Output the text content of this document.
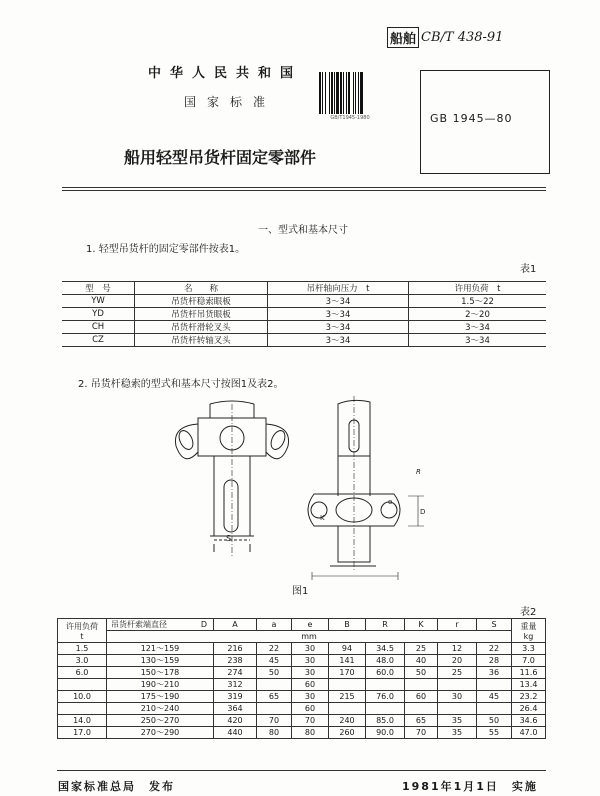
船舶 CB/T 438-91
中华人民共和国
国家标准
GB/T1945-1980	GB 1945—80
船用轻型吊货杆固定零部件
一、型式和基本尺寸
1. 轻型吊货杆的固定零部件按表1。
表1
型　号	名　　称	吊杆轴向压力　t	许用负荷　t
YW	吊货杆稳索眼板	3～34	1.5～22
YD	吊货杆吊货眼板	3～34	2～20
CH	吊货杆滑轮叉头	3～34	3～34
CZ	吊货杆转轴叉头	3～34	3～34
2. 吊货杆稳索的型式和基本尺寸按图1及表2。
S
K
R
D
e
图1
表2
许用负荷
t	吊货杆索端直径	D	A	a	e	B	R	K	r	S	重量
kg
	mm										
1.5	121～159		216	22	30	94	34.5	25	12	22	3.3
3.0	130～159		238	45	30	141	48.0	40	20	28	7.0
6.0	150～178		274	50	30	170	60.0	50	25	36	11.6
	190～210		312		60						13.4
10.0	175～190		319	65	30	215	76.0	60	30	45	23.2
	210～240		364		60						26.4
14.0	250～270		420	70	70	240	85.0	65	35	50	34.6
17.0	270～290		440	80	80	260	90.0	70	35	55	47.0
国家标准总局　发布	1981年1月1日　实施
